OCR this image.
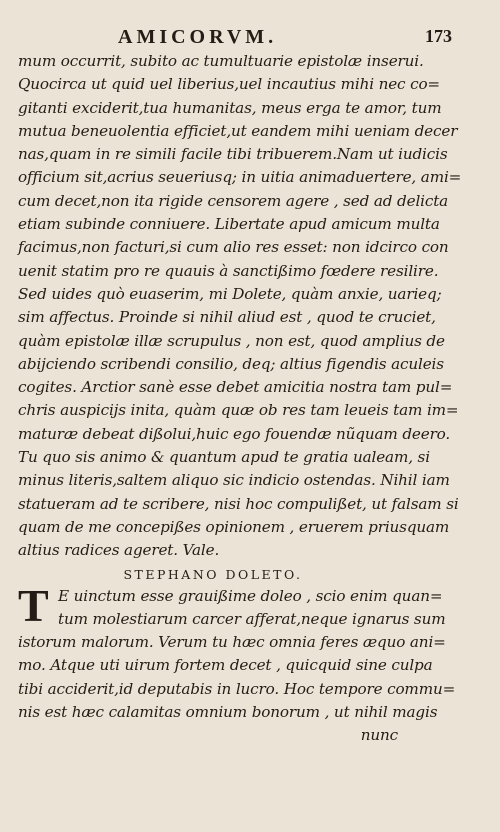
AMICORVM.	173
mum occurrit, subito ac tumultuarie epistolæ inserui.
Quocirca ut quid uel liberius,uel incautius mihi nec co=
gitanti exciderit,tua humanitas, meus erga te amor, tum
mutua beneuolentia efficiet,ut eandem mihi ueniam decer
nas,quam in re simili facile tibi tribuerem.Nam ut iudicis
officium sit,acrius seueriusq; in uitia animaduertere, ami=
cum decet,non ita rigide censorem agere , sed ad delicta
etiam subinde conniuere. Libertate apud amicum multa
facimus,non facturi,si cum alio res esset: non idcirco con
uenit statim pro re quauis à sanctißimo fœdere resilire.
Sed uides quò euaserim, mi Dolete, quàm anxie, uarieq;
sim affectus. Proinde si nihil aliud est , quod te cruciet,
quàm epistolæ illæ scrupulus , non est, quod amplius de
abijciendo scribendi consilio, deq; altius figendis aculeis
cogites. Arctior sanè esse debet amicitia nostra tam pul=
chris auspicijs inita, quàm quæ ob res tam leueis tam im=
maturæ debeat dißolui,huic ego fouendæ nũquam deero.
Tu quo sis animo & quantum apud te gratia ualeam, si
minus literis,saltem aliquo sic indicio ostendas. Nihil iam
statueram ad te scribere, nisi hoc compulißet, ut falsam si
quam de me concepißes opinionem , eruerem priusquam
altius radices ageret. Vale.
STEPHANO DOLETO.
T E uinctum esse grauißime doleo , scio enim quan=
tum molestiarum carcer afferat,neque ignarus sum
istorum malorum. Verum tu hæc omnia feres æquo ani=
mo. Atque uti uirum fortem decet , quicquid sine culpa
tibi acciderit,id deputabis in lucro. Hoc tempore commu=
nis est hæc calamitas omnium bonorum , ut nihil magis
nunc
